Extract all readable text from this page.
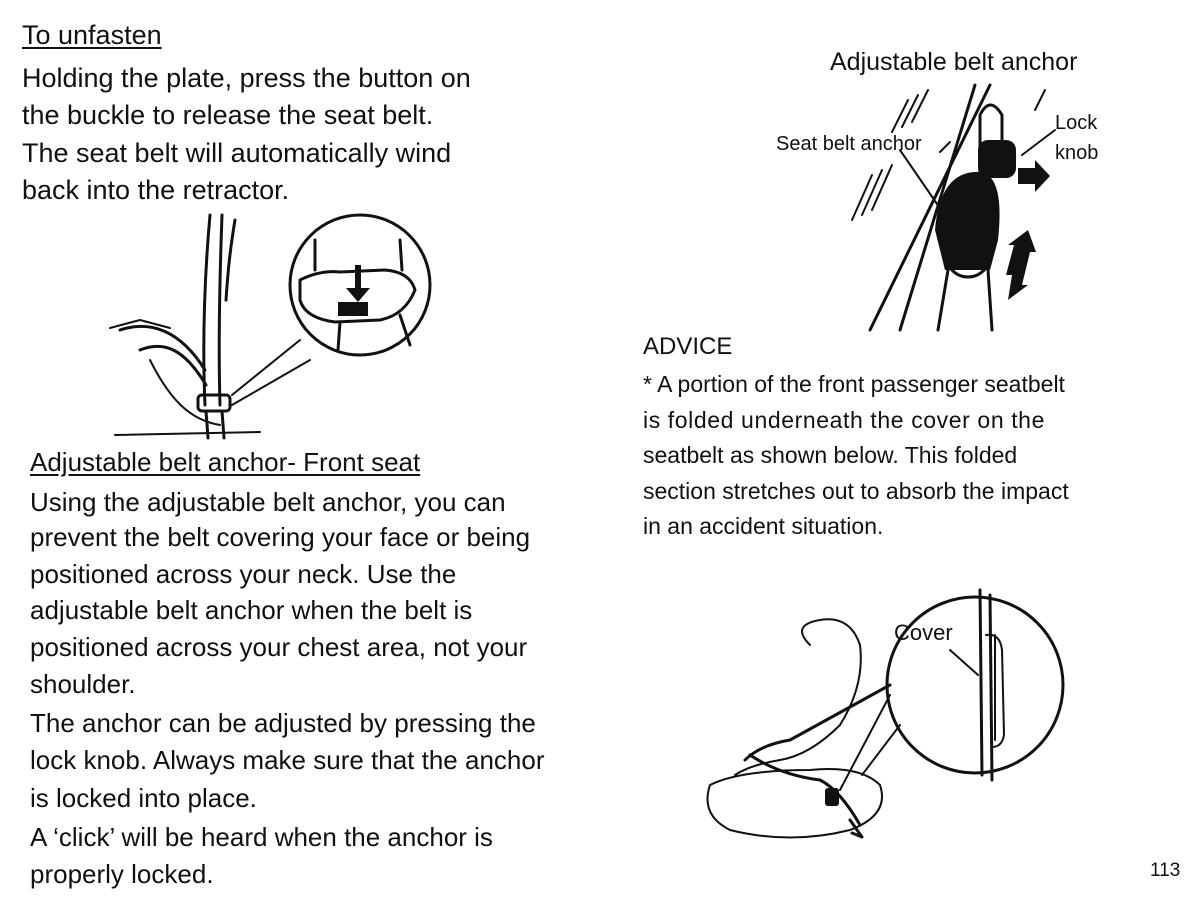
To unfasten
Holding the plate, press the button on
the buckle to release the seat belt.
The seat belt will automatically wind
back into the retractor.
Adjustable belt anchor- Front seat
Using the adjustable belt anchor, you can
prevent the belt covering your face or being
positioned across your neck. Use the
adjustable belt anchor when the belt is
positioned across your chest area, not your
shoulder.
The anchor can be adjusted by pressing the
lock knob. Always make sure that the anchor
is locked into place.
A ‘click’ will be heard when the anchor is
properly locked.
Adjustable belt anchor
Seat belt anchor
Lock
knob
ADVICE
* A portion of the front passenger seatbelt
is folded underneath the cover on the
seatbelt as shown below. This folded
section stretches out to absorb the impact
in an accident situation.
Cover
113
